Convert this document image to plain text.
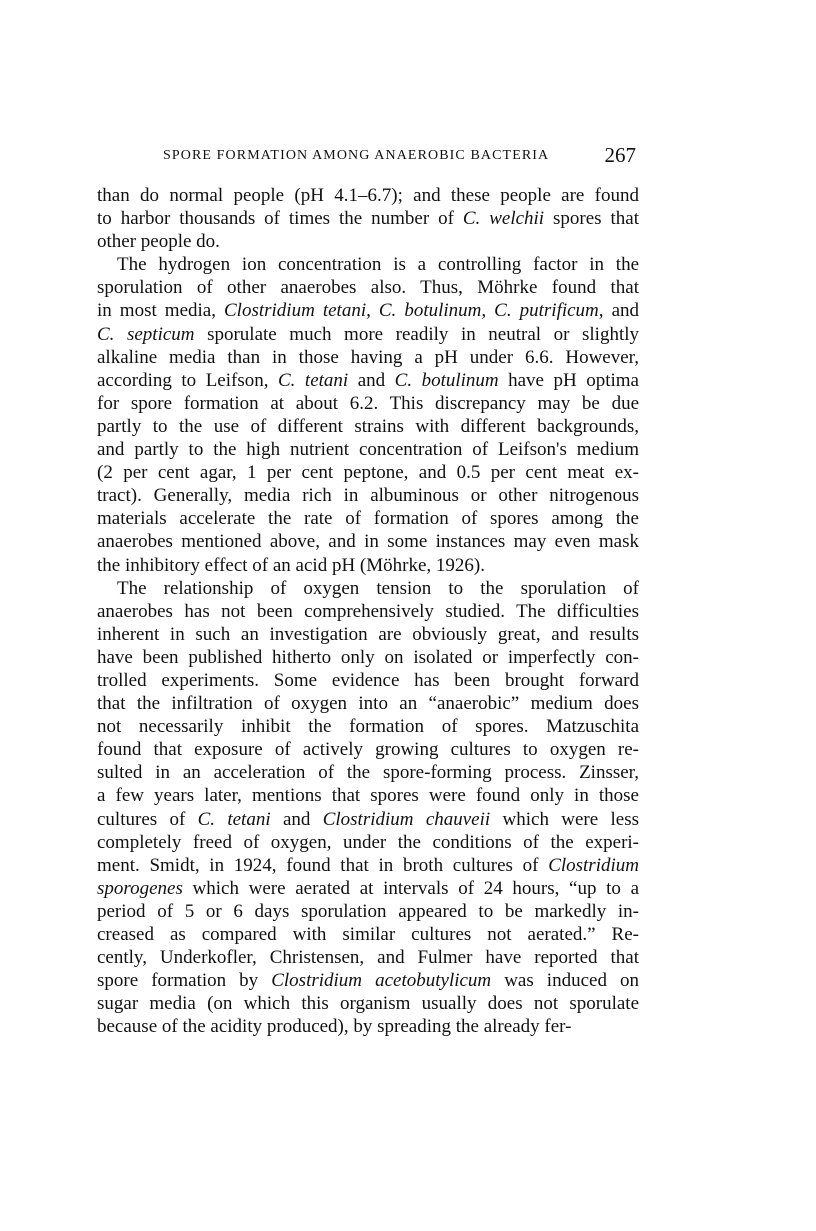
SPORE FORMATION AMONG ANAEROBIC BACTERIA	267
than do normal people (pH 4.1–6.7); and these people are found
to harbor thousands of times the number of C. welchii spores that
other people do.
The hydrogen ion concentration is a controlling factor in the
sporulation of other anaerobes also. Thus, Möhrke found that
in most media, Clostridium tetani, C. botulinum, C. putrificum, and
C. septicum sporulate much more readily in neutral or slightly
alkaline media than in those having a pH under 6.6. However,
according to Leifson, C. tetani and C. botulinum have pH optima
for spore formation at about 6.2. This discrepancy may be due
partly to the use of different strains with different backgrounds,
and partly to the high nutrient concentration of Leifson's medium
(2 per cent agar, 1 per cent peptone, and 0.5 per cent meat ex-
tract). Generally, media rich in albuminous or other nitrogenous
materials accelerate the rate of formation of spores among the
anaerobes mentioned above, and in some instances may even mask
the inhibitory effect of an acid pH (Möhrke, 1926).
The relationship of oxygen tension to the sporulation of
anaerobes has not been comprehensively studied. The difficulties
inherent in such an investigation are obviously great, and results
have been published hitherto only on isolated or imperfectly con-
trolled experiments. Some evidence has been brought forward
that the infiltration of oxygen into an “anaerobic” medium does
not necessarily inhibit the formation of spores. Matzuschita
found that exposure of actively growing cultures to oxygen re-
sulted in an acceleration of the spore-forming process. Zinsser,
a few years later, mentions that spores were found only in those
cultures of C. tetani and Clostridium chauveii which were less
completely freed of oxygen, under the conditions of the experi-
ment. Smidt, in 1924, found that in broth cultures of Clostridium
sporogenes which were aerated at intervals of 24 hours, “up to a
period of 5 or 6 days sporulation appeared to be markedly in-
creased as compared with similar cultures not aerated.” Re-
cently, Underkofler, Christensen, and Fulmer have reported that
spore formation by Clostridium acetobutylicum was induced on
sugar media (on which this organism usually does not sporulate
because of the acidity produced), by spreading the already fer-
